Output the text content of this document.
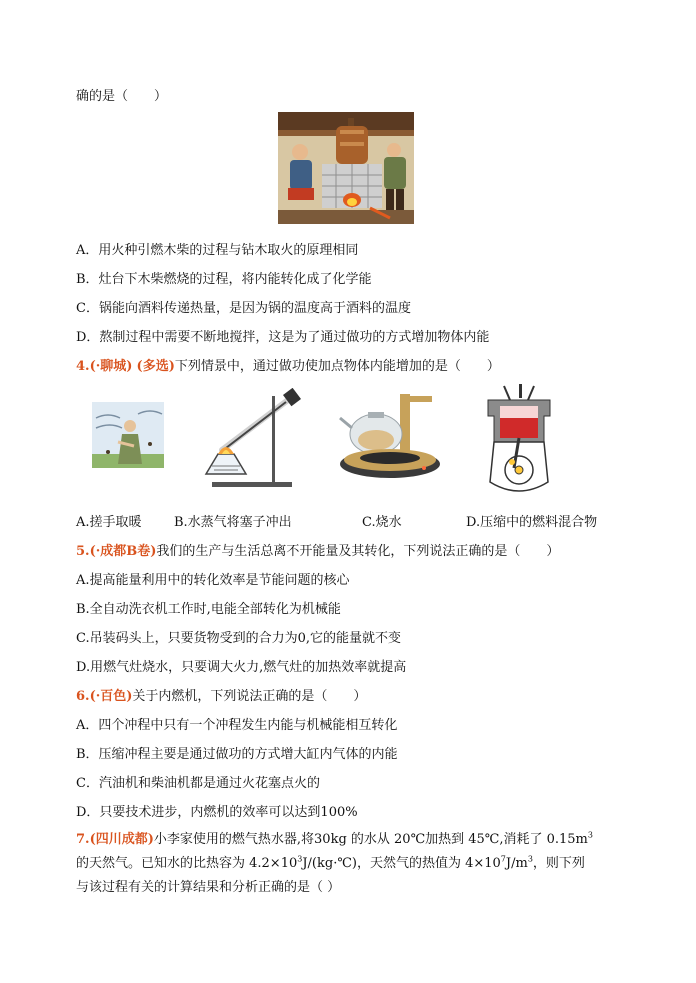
确的是（　　）
A．用火种引燃木柴的过程与钻木取火的原理相同
B．灶台下木柴燃烧的过程，将内能转化成了化学能
C．锅能向酒料传递热量，是因为锅的温度高于酒料的温度
D．熬制过程中需要不断地搅拌，这是为了通过做功的方式增加物体内能
4.(·聊城) (多选)下列情景中，通过做功使加点物体内能增加的是（　　）
A.搓手取暖 B.水蒸气将塞子冲出	C.烧水	D.压缩中的燃料混合物
5.(·成都B卷)我们的生产与生活总离不开能量及其转化，下列说法正确的是（　　）
A.提高能量利用中的转化效率是节能问题的核心
B.全自动洗衣机工作时,电能全部转化为机械能
C.吊装码头上，只要货物受到的合力为0,它的能量就不变
D.用燃气灶烧水，只要调大火力,燃气灶的加热效率就提高
6.(·百色)关于内燃机，下列说法正确的是（　　）
A．四个冲程中只有一个冲程发生内能与机械能相互转化
B．压缩冲程主要是通过做功的方式增大缸内气体的内能
C．汽油机和柴油机都是通过火花塞点火的
D．只要技术进步，内燃机的效率可以达到100%
7.(四川成都)小李家使用的燃气热水器,将30kg 的水从 20℃加热到 45℃,消耗了 $0.15m^3$
的天然气。已知水的比热容为 $4.2\times 10^3J/(kg\cdot℃)$，天然气的热值为 $4\times 10^7J/m^3$，则下列
与该过程有关的计算结果和分析正确的是（ ）
